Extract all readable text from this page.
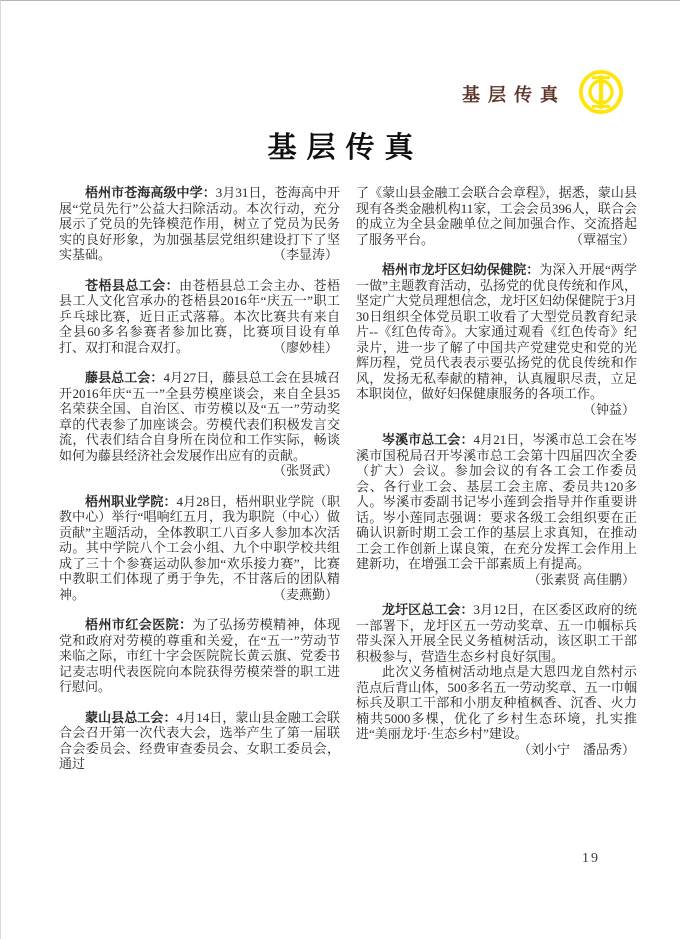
基层传真
基层传真

梧州市苍海高级中学：3月31日，苍海高中开展“党员先行”公益大扫除活动。本次行动，充分展示了党员的先锋模范作用，树立了党员为民务实的良好形象，为加强基层党组织建设打下了坚实基础。	（李显涛）

苍梧县总工会：由苍梧县总工会主办、苍梧县工人文化宫承办的苍梧县2016年“庆五一”职工乒乓球比赛，近日正式落幕。本次比赛共有来自全县60多名参赛者参加比赛，比赛项目设有单打、双打和混合双打。	（廖妙桂）

藤县总工会：4月27日，藤县总工会在县城召开2016年庆“五一”全县劳模座谈会，来自全县35名荣获全国、自治区、市劳模以及“五一”劳动奖章的代表参了加座谈会。劳模代表们积极发言交流，代表们结合自身所在岗位和工作实际，畅谈如何为藤县经济社会发展作出应有的贡献。
（张贤武）

梧州职业学院：4月28日，梧州职业学院（职教中心）举行“唱响红五月，我为职院（中心）做贡献”主题活动，全体教职工八百多人参加本次活动。其中学院八个工会小组、九个中职学校共组成了三十个参赛运动队参加“欢乐接力赛”，比赛中教职工们体现了勇于争先，不甘落后的团队精神。	（麦燕勤）

梧州市红会医院：为了弘扬劳模精神，体现党和政府对劳模的尊重和关爱，在“五一”劳动节来临之际，市红十字会医院院长黄云旗、党委书记麦志明代表医院向本院获得劳模荣誉的职工进行慰问。

蒙山县总工会：4月14日，蒙山县金融工会联合会召开第一次代表大会，选举产生了第一届联合会委员会、经费审查委员会、女职工委员会，通过

了《蒙山县金融工会联合会章程》，据悉，蒙山县现有各类金融机构11家，工会会员396人，联合会的成立为全县金融单位之间加强合作、交流搭起了服务平台。	（覃福宝）

梧州市龙圩区妇幼保健院：为深入开展“两学一做”主题教育活动，弘扬党的优良传统和作风，坚定广大党员理想信念，龙圩区妇幼保健院于3月30日组织全体党员职工收看了大型党员教育纪录片--《红色传奇》。大家通过观看《红色传奇》纪录片，进一步了解了中国共产党建党史和党的光辉历程，党员代表表示要弘扬党的优良传统和作风，发扬无私奉献的精神，认真履职尽责，立足本职岗位，做好妇保健康服务的各项工作。
（钟益）

岑溪市总工会：4月21日，岑溪市总工会在岑溪市国税局召开岑溪市总工会第十四届四次全委（扩大）会议。参加会议的有各工会工作委员会、各行业工会、基层工会主席、委员共120多人。岑溪市委副书记岑小莲到会指导并作重要讲话。岑小莲同志强调：要求各级工会组织要在正确认识新时期工会工作的基层上求真知，在推动工会工作创新上谋良策，在充分发挥工会作用上建新功，在增强工会干部素质上有提高。
（张素贤 高佳鹏）

龙圩区总工会：3月12日，在区委区政府的统一部署下，龙圩区五一劳动奖章、五一巾帼标兵带头深入开展全民义务植树活动，该区职工干部积极参与，营造生态乡村良好氛围。

此次义务植树活动地点是大恩四龙自然村示范点后背山体，500多名五一劳动奖章、五一巾帼标兵及职工干部和小朋友种植枫香、沉香、火力楠共5000多棵，优化了乡村生态环境，扎实推进“美丽龙圩·生态乡村”建设。
（刘小宁　潘品秀）

19
